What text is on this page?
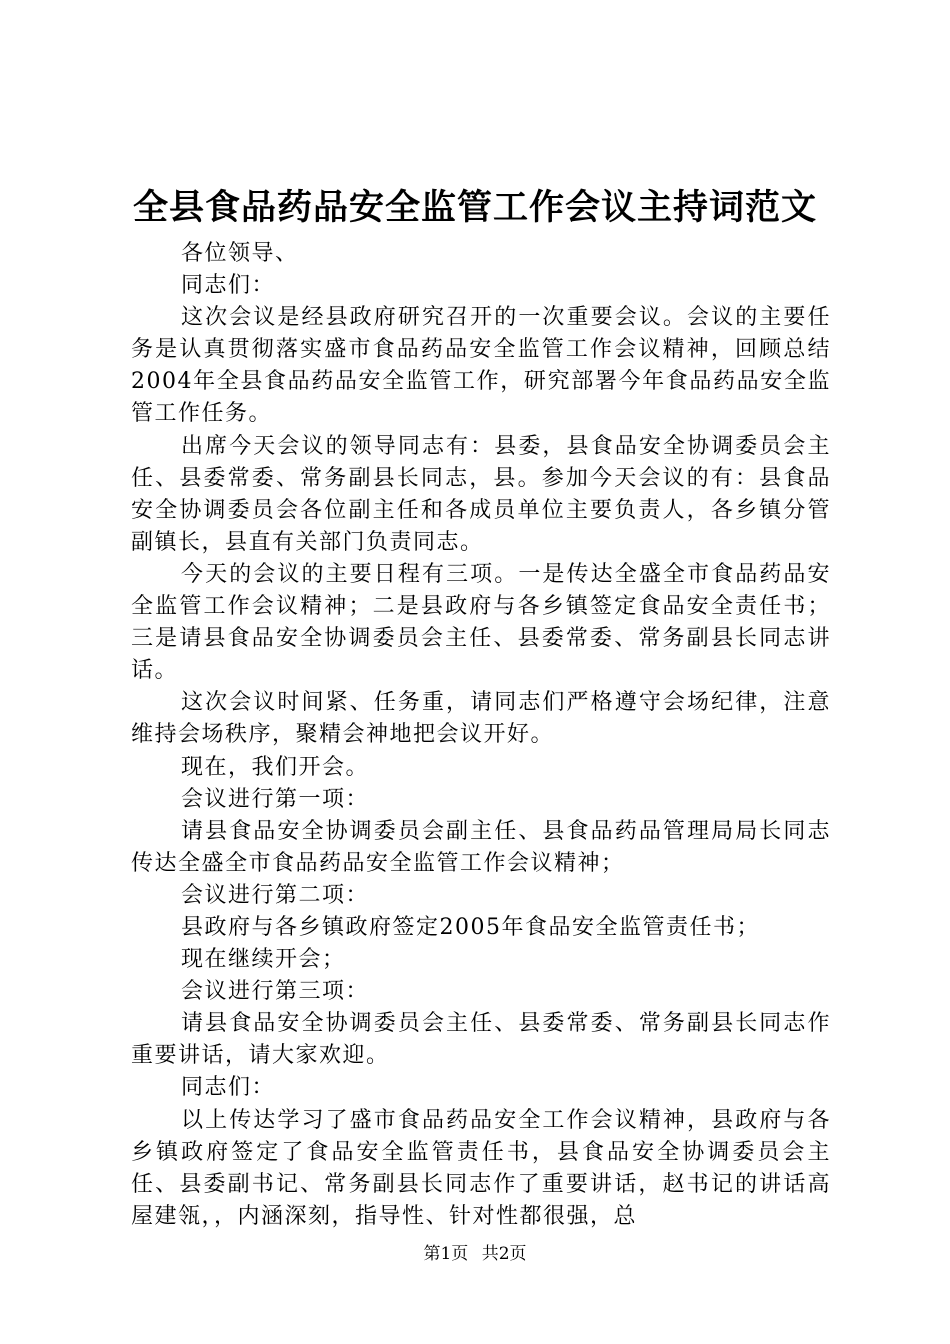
全县食品药品安全监管工作会议主持词范文

各位领导、

同志们：

这次会议是经县政府研究召开的一次重要会议。会议的主要任务是认真贯彻落实盛市食品药品安全监管工作会议精神，回顾总结2004年全县食品药品安全监管工作，研究部署今年食品药品安全监管工作任务。

出席今天会议的领导同志有：县委，县食品安全协调委员会主任、县委常委、常务副县长同志，县。参加今天会议的有：县食品安全协调委员会各位副主任和各成员单位主要负责人，各乡镇分管副镇长，县直有关部门负责同志。

今天的会议的主要日程有三项。一是传达全盛全市食品药品安全监管工作会议精神；二是县政府与各乡镇签定食品安全责任书；三是请县食品安全协调委员会主任、县委常委、常务副县长同志讲话。

这次会议时间紧、任务重，请同志们严格遵守会场纪律，注意维持会场秩序，聚精会神地把会议开好。

现在，我们开会。

会议进行第一项：

请县食品安全协调委员会副主任、县食品药品管理局局长同志传达全盛全市食品药品安全监管工作会议精神；

会议进行第二项：

县政府与各乡镇政府签定2005年食品安全监管责任书；

现在继续开会；

会议进行第三项：

请县食品安全协调委员会主任、县委常委、常务副县长同志作重要讲话，请大家欢迎。

同志们：

以上传达学习了盛市食品药品安全工作会议精神，县政府与各乡镇政府签定了食品安全监管责任书，县食品安全协调委员会主任、县委副书记、常务副县长同志作了重要讲话，赵书记的讲话高屋建瓴，，内涵深刻，指导性、针对性都很强，总

第1页 共2页
